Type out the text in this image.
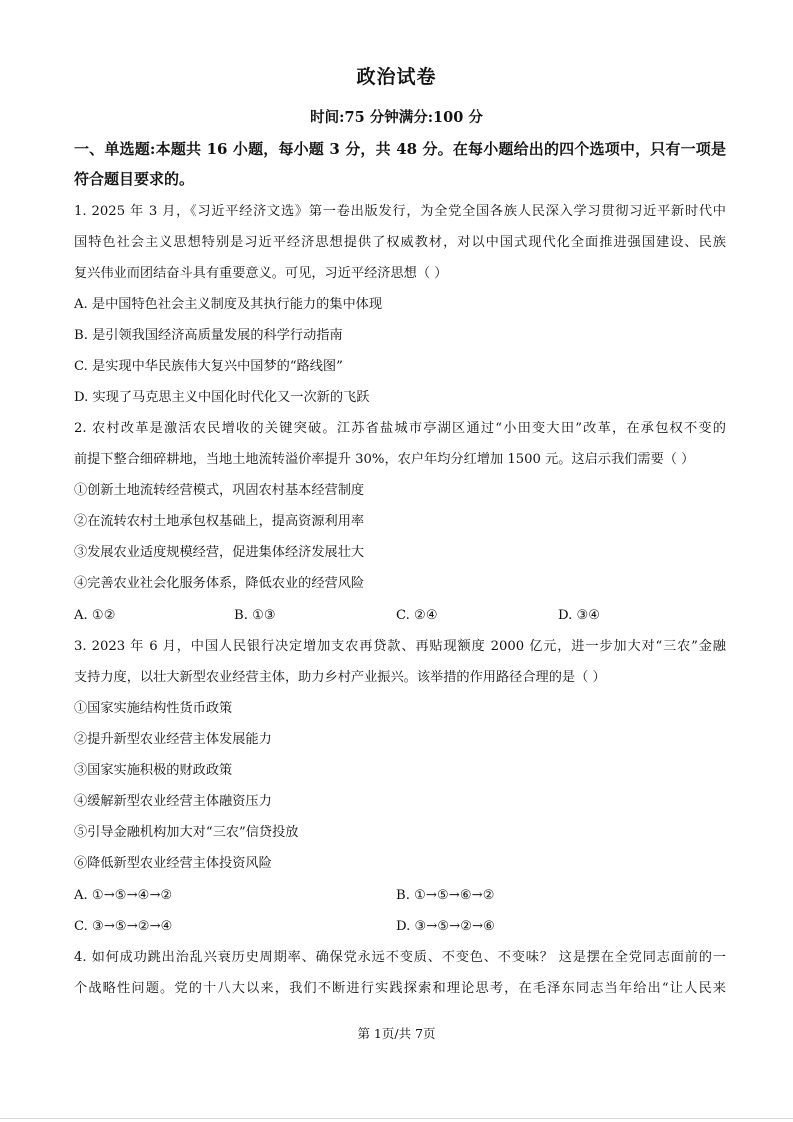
政治试卷
时间:75 分钟满分:100 分
一、单选题:本题共 16 小题，每小题 3 分，共 48 分。在每小题给出的四个选项中，只有一项是符合题目要求的。
1. 2025 年 3 月，《习近平经济文选》第一卷出版发行，为全党全国各族人民深入学习贯彻习近平新时代中
国特色社会主义思想特别是习近平经济思想提供了权威教材，对以中国式现代化全面推进强国建设、民族
复兴伟业而团结奋斗具有重要意义。可见，习近平经济思想（ ）
A. 是中国特色社会主义制度及其执行能力的集中体现
B. 是引领我国经济高质量发展的科学行动指南
C. 是实现中华民族伟大复兴中国梦的“路线图”
D. 实现了马克思主义中国化时代化又一次新的飞跃
2. 农村改革是激活农民增收的关键突破。江苏省盐城市亭湖区通过“小田变大田”改革，在承包权不变的
前提下整合细碎耕地，当地土地流转溢价率提升 30%，农户年均分红增加 1500 元。这启示我们需要（ ）
①创新土地流转经营模式，巩固农村基本经营制度
②在流转农村土地承包权基础上，提高资源利用率
③发展农业适度规模经营，促进集体经济发展壮大
④完善农业社会化服务体系，降低农业的经营风险
A. ①②	B. ①③	C. ②④	D. ③④
3. 2023 年 6 月，中国人民银行决定增加支农再贷款、再贴现额度 2000 亿元，进一步加大对“三农”金融
支持力度，以壮大新型农业经营主体，助力乡村产业振兴。该举措的作用路径合理的是（ ）
①国家实施结构性货币政策
②提升新型农业经营主体发展能力
③国家实施积极的财政政策
④缓解新型农业经营主体融资压力
⑤引导金融机构加大对“三农”信贷投放
⑥降低新型农业经营主体投资风险
A. ①→⑤→④→②	B. ①→⑤→⑥→②
C. ③→⑤→②→④	D. ③→⑤→②→⑥
4. 如何成功跳出治乱兴衰历史周期率、确保党永远不变质、不变色、不变味？ 这是摆在全党同志面前的一
个战略性问题。党的十八大以来，我们不断进行实践探索和理论思考，在毛泽东同志当年给出“让人民来
第 1页/共 7页
